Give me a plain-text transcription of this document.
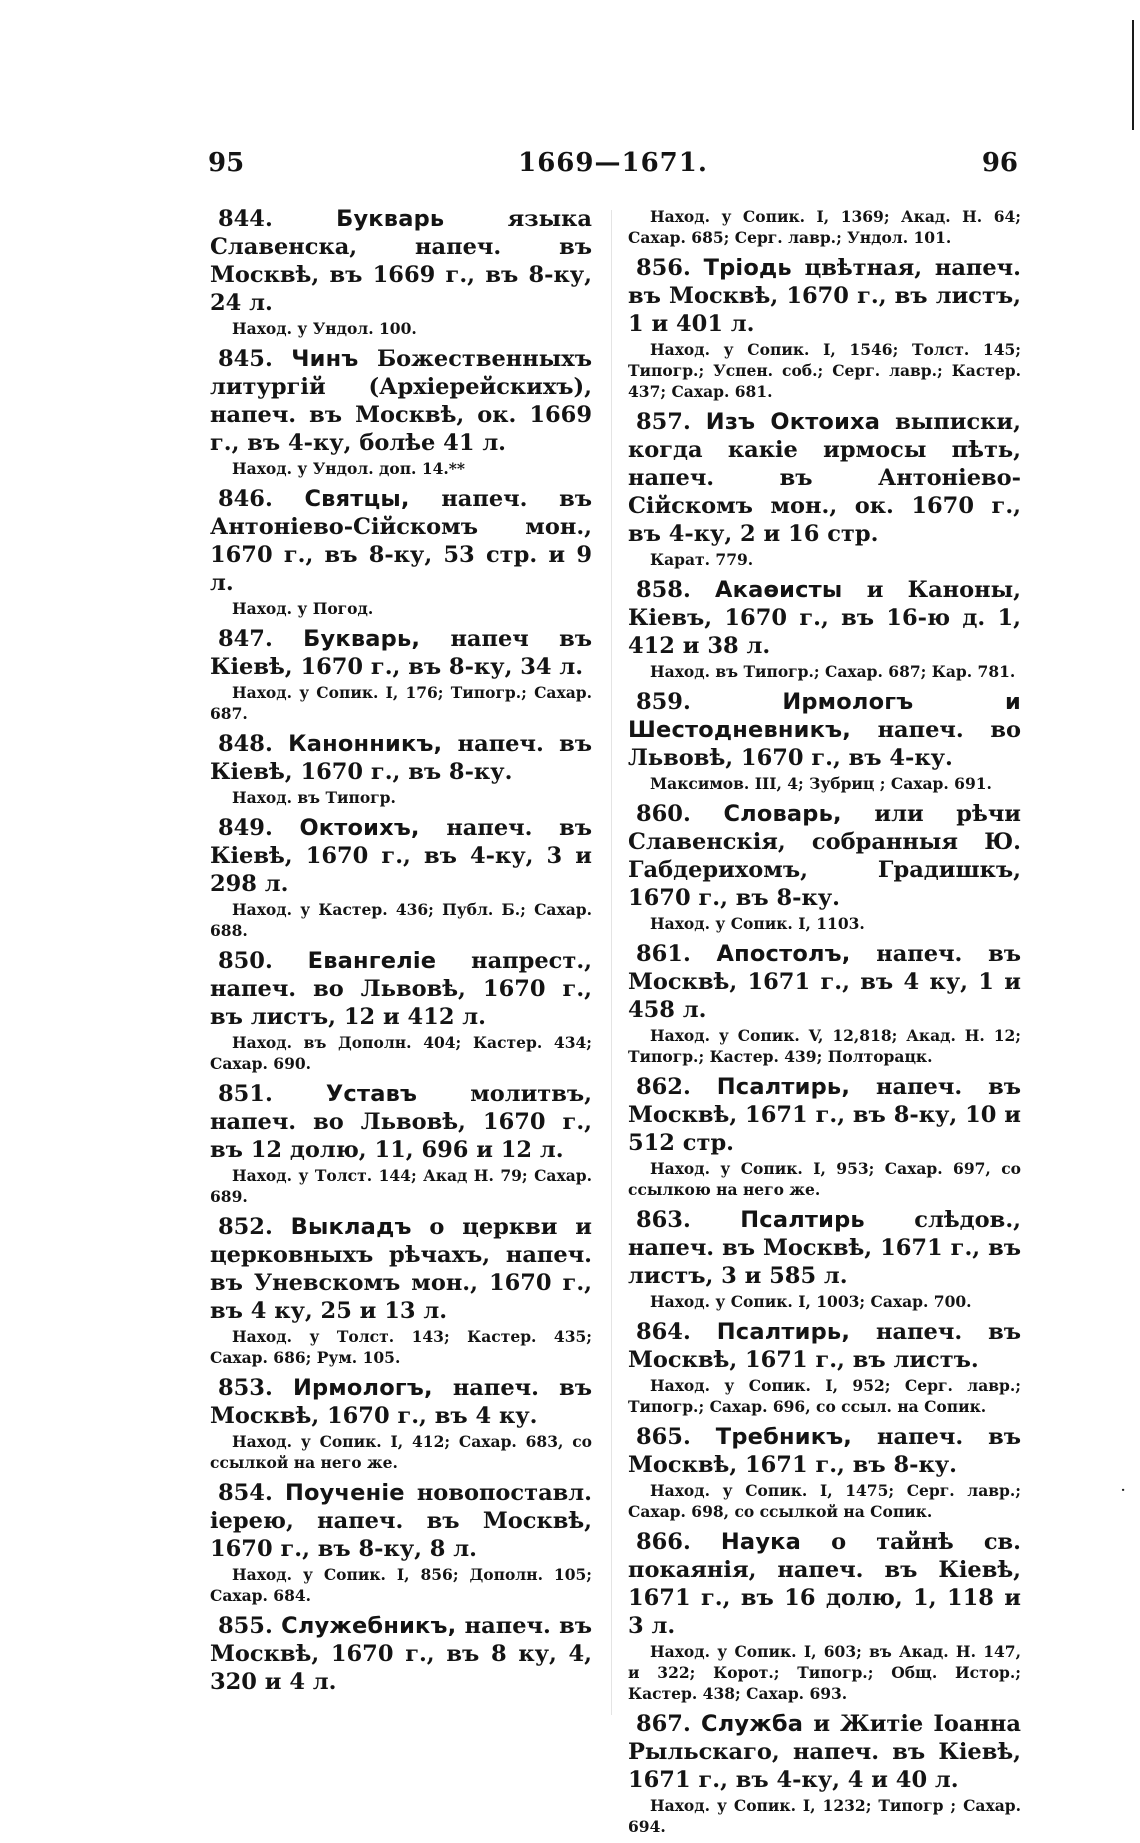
·
95	1669—1671.	96

844.	Букварь	языка Славенска, напеч. въ Москвѣ, въ 1669 г., въ 8-ку, 24 л.

Наход. у Ундол. 100.

845. Чинъ Божественныхъ литургій (Архіерейскихъ), напеч. въ Москвѣ, ок. 1669 г., въ 4-ку, болѣе 41 л.

Наход. у Ундол. доп. 14.**

846. Святцы, напеч. въ Антоніево-Сійскомъ мон., 1670 г., въ 8-ку, 53 стр. и 9 л.

Наход. у Погод.

847. Букварь, напеч въ Кіевѣ, 1670 г., въ 8-ку, 34 л.

Наход. у Сопик. I, 176; Типогр.; Сахар. 687.

848. Канонникъ, напеч. въ Кіевѣ, 1670 г., въ 8-ку.

Наход. въ Типогр.

849. Октоихъ, напеч. въ Кіевѣ, 1670 г., въ 4-ку, 3 и 298 л.

Наход. у Кастер. 436; Публ. Б.; Сахар. 688.

850. Евангеліе напрест., напеч. во Львовѣ, 1670 г., въ листъ, 12 и 412 л.

Наход. въ Дополн. 404; Кастер. 434; Сахар. 690.

851. Уставъ молитвъ, напеч. во Львовѣ, 1670 г., въ 12 долю, 11, 696 и 12 л.

Наход. у Толст. 144; Акад Н. 79; Сахар. 689.

852. Выкладъ о церкви и церковныхъ рѣчахъ, напеч. въ Уневскомъ мон., 1670 г., въ 4 ку, 25 и 13 л.

Наход. у Толст. 143; Кастер. 435; Сахар. 686; Рум. 105.

853. Ирмологъ, напеч. въ Москвѣ, 1670 г., въ 4 ку.

Наход. у Сопик. I, 412; Сахар. 683, со ссылкой на него же.

854. Поученіе новопоставл. іерею, напеч. въ Москвѣ, 1670 г., въ 8-ку, 8 л.

Наход. у Сопик. I, 856; Дополн. 105; Сахар. 684.

855. Служебникъ, напеч. въ Москвѣ, 1670 г., въ 8 ку, 4, 320 и 4 л.

Наход. у Сопик. I, 1369; Акад. Н. 64; Сахар. 685; Серг. лавр.; Ундол. 101.

856. Тріодь цвѣтная, напеч. въ Москвѣ, 1670 г., въ листъ, 1 и 401 л.

Наход. у Сопик. I, 1546; Толст. 145; Типогр.; Успен. соб.; Серг. лавр.; Кастер. 437; Сахар. 681.

857. Изъ Октоиха выписки, когда какіе ирмосы пѣть, напеч. въ Антоніево-Сійскомъ мон., ок. 1670 г., въ 4-ку, 2 и 16 стр.

Карат. 779.

858. Акаѳисты и Каноны, Кіевъ, 1670 г., въ 16-ю д. 1, 412 и 38 л.

Наход. въ Типогр.; Сахар. 687; Кар. 781.

859.	Ирмологъ и Шестодневникъ, напеч. во Львовѣ, 1670 г., въ 4-ку.

Максимов. III, 4; Зубриц ; Сахар. 691.

860. Словарь, или рѣчи Славенскія, собранныя Ю. Габдерихомъ, Градишкъ, 1670 г., въ 8-ку.

Наход. у Сопик. I, 1103.

861. Апостолъ, напеч. въ Москвѣ, 1671 г., въ 4 ку, 1 и 458 л.

Наход. у Сопик. V, 12,818; Акад. Н. 12; Типогр.; Кастер. 439; Полторацк.

862. Псалтирь, напеч. въ Москвѣ, 1671 г., въ 8-ку, 10 и 512 стр.

Наход. у Сопик. I, 953; Сахар. 697, со ссылкою на него же.

863. Псалтирь слѣдов., напеч. въ Москвѣ, 1671 г., въ листъ, 3 и 585 л.

Наход. у Сопик. I, 1003; Сахар. 700.

864. Псалтирь, напеч. въ Москвѣ, 1671 г., въ листъ.

Наход. у Сопик. I, 952; Серг. лавр.; Типогр.; Сахар. 696, со ссыл. на Сопик.

865. Требникъ, напеч. въ Москвѣ, 1671 г., въ 8-ку.

Наход. у Сопик. I, 1475; Серг. лавр.; Сахар. 698, со ссылкой на Сопик.

866. Наука о тайнѣ св. покаянія, напеч. въ Кіевѣ, 1671 г., въ 16 долю, 1, 118 и 3 л.

Наход. у Сопик. I, 603; въ Акад. Н. 147, и 322; Корот.; Типогр.; Общ. Истор.; Кастер. 438; Сахар. 693.

867. Служба и Житіе Іоанна Рыльскаго, напеч. въ Кіевѣ, 1671 г., въ 4-ку, 4 и 40 л.

Наход. у Сопик. I, 1232; Типогр ; Сахар. 694.
